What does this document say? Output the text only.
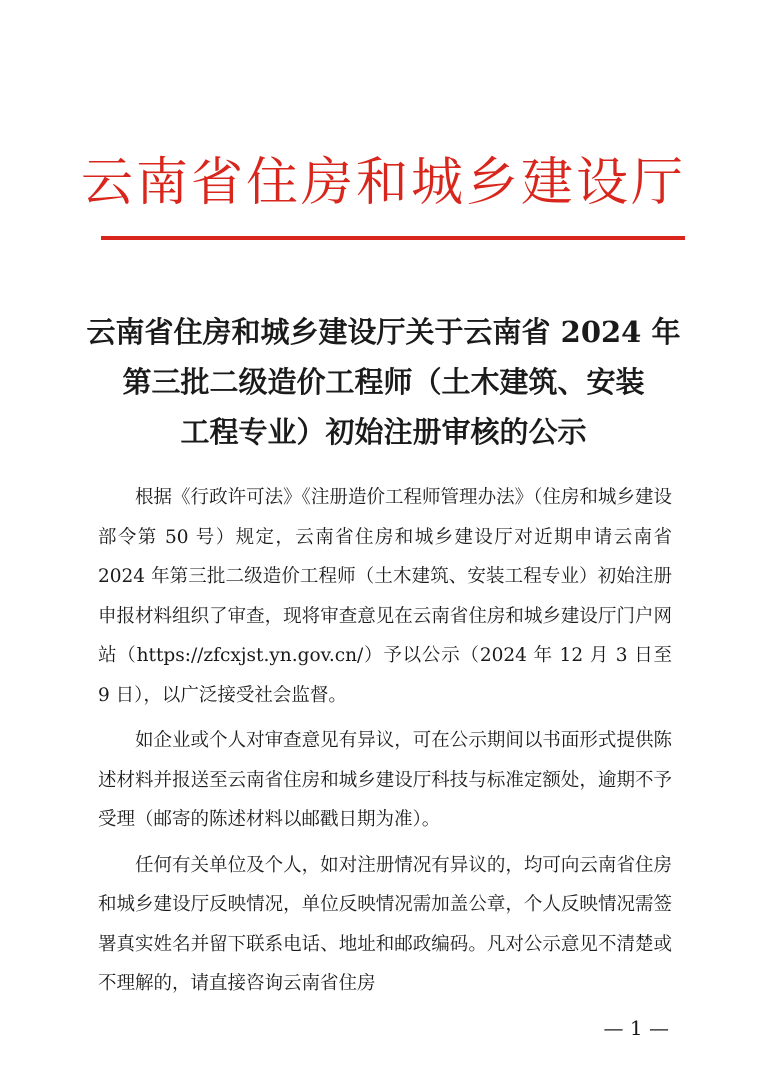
云南省住房和城乡建设厅
云南省住房和城乡建设厅关于云南省 2024 年
第三批二级造价工程师（土木建筑、安装
工程专业）初始注册审核的公示

根据《行政许可法》《注册造价工程师管理办法》（住房和城乡建设部令第 50 号）规定，云南省住房和城乡建设厅对近期申请云南省 2024 年第三批二级造价工程师（土木建筑、安装工程专业）初始注册申报材料组织了审查，现将审查意见在云南省住房和城乡建设厅门户网站（https://zfcxjst.yn.gov.cn/）予以公示（2024 年 12 月 3 日至 9 日），以广泛接受社会监督。

如企业或个人对审查意见有异议，可在公示期间以书面形式提供陈述材料并报送至云南省住房和城乡建设厅科技与标准定额处，逾期不予受理（邮寄的陈述材料以邮戳日期为准）。

任何有关单位及个人，如对注册情况有异议的，均可向云南省住房和城乡建设厅反映情况，单位反映情况需加盖公章，个人反映情况需签署真实姓名并留下联系电话、地址和邮政编码。凡对公示意见不清楚或不理解的，请直接咨询云南省住房

— 1 —
